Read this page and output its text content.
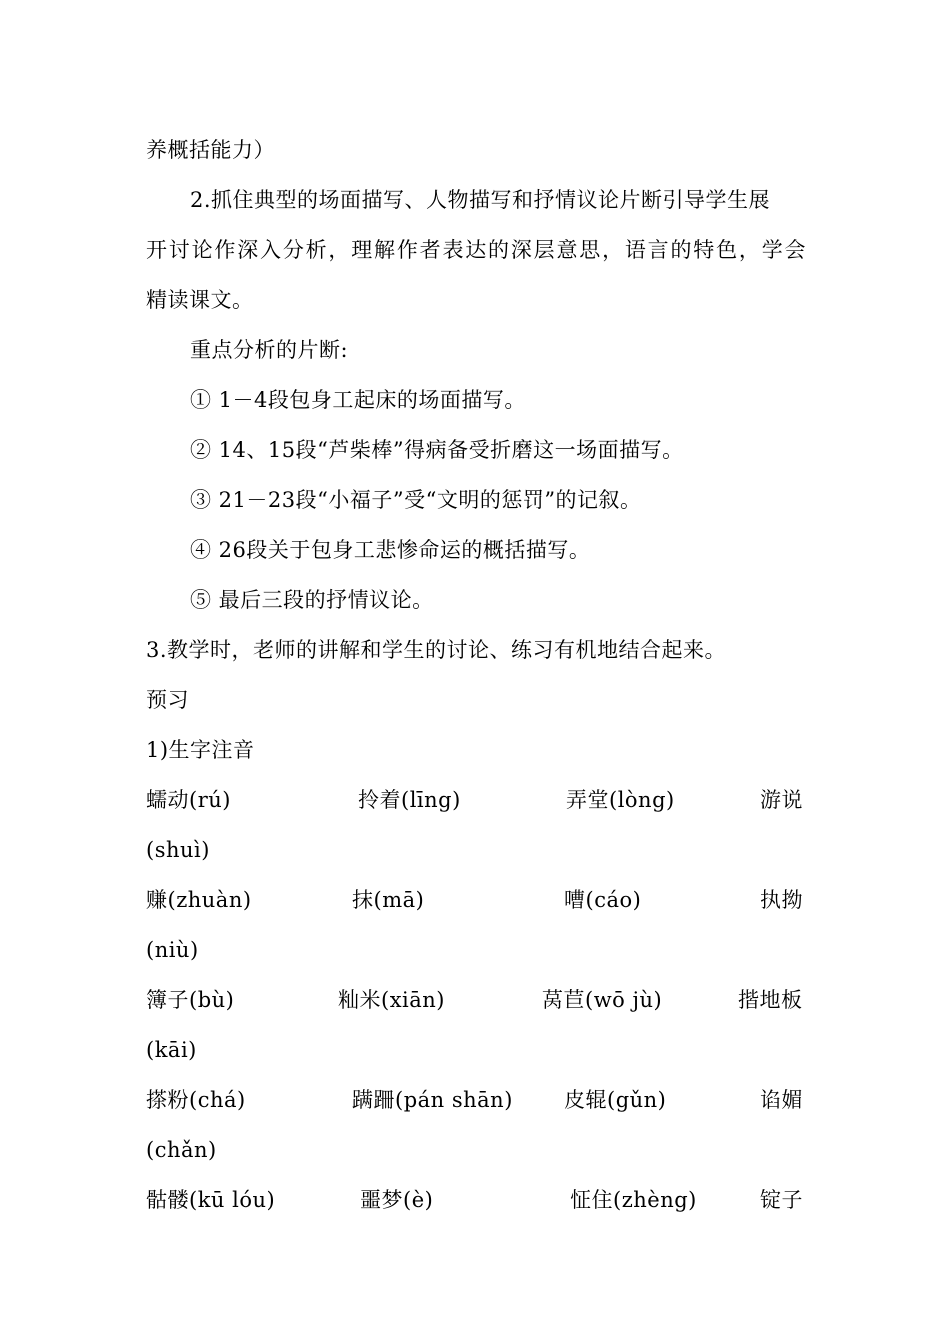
养概括能力）
2.抓住典型的场面描写、人物描写和抒情议论片断引导学生展
开讨论作深入分析，理解作者表达的深层意思，语言的特色，学会
精读课文。
重点分析的片断:
① 1－4段包身工起床的场面描写。
② 14、15段“芦柴棒”得病备受折磨这一场面描写。
③ 21－23段“小福子”受“文明的惩罚”的记叙。
④ 26段关于包身工悲惨命运的概括描写。
⑤ 最后三段的抒情议论。
3.教学时，老师的讲解和学生的讨论、练习有机地结合起来。
预习
1)生字注音
蠕动(rú)	拎着(līng)	弄堂(lòng)	游说
(shuì)
赚(zhuàn)	抹(mā)	嘈(cáo)	执拗
(niù)
簿子(bù)	籼米(xiān)	莴苣(wō jù)	揩地板
(kāi)
搽粉(chá)	蹒跚(pán shān) 皮辊(gǔn)	谄媚
(chǎn)
骷髅(kū lóu)	噩梦(è)	怔住(zhèng)	锭子
